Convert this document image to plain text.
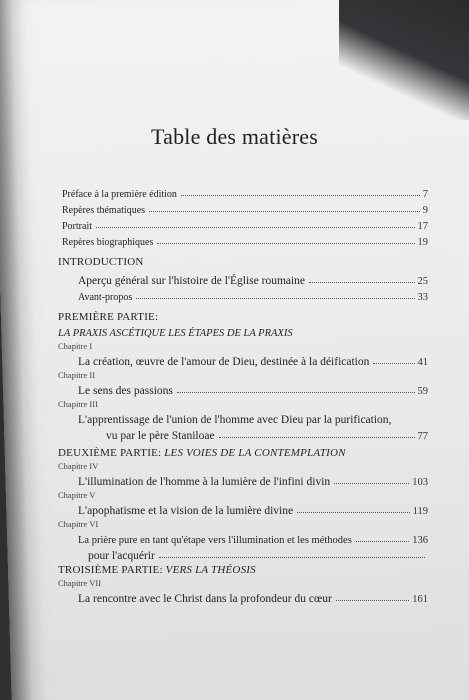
Table des matières
Préface à la première édition	7
Repères thématiques	9
Portrait	17
Repères biographiques	19
INTRODUCTION
Aperçu général sur l'histoire de l'Église roumaine	25
Avant-propos	33
PREMIÈRE PARTIE:
LA PRAXIS ASCÉTIQUE LES ÉTAPES DE LA PRAXIS
Chapitre I
La création, œuvre de l'amour de Dieu, destinée à la déification	41
Chapitre II
Le sens des passions	59
Chapitre III
L'apprentissage de l'union de l'homme avec Dieu par la purification,
vu par le père Staniloae	77
DEUXIÈME PARTIE:
LES VOIES DE LA CONTEMPLATION
Chapitre IV
L'illumination de l'homme à la lumière de l'infini divin	103
Chapitre V
L'apophatisme et la vision de la lumière divine	119
Chapitre VI
La prière pure en tant qu'étape vers l'illumination et les méthodes	136
pour l'acquérir
TROISIÈME PARTIE:
VERS LA THÉOSIS
Chapitre VII
La rencontre avec le Christ dans la profondeur du cœur	161
